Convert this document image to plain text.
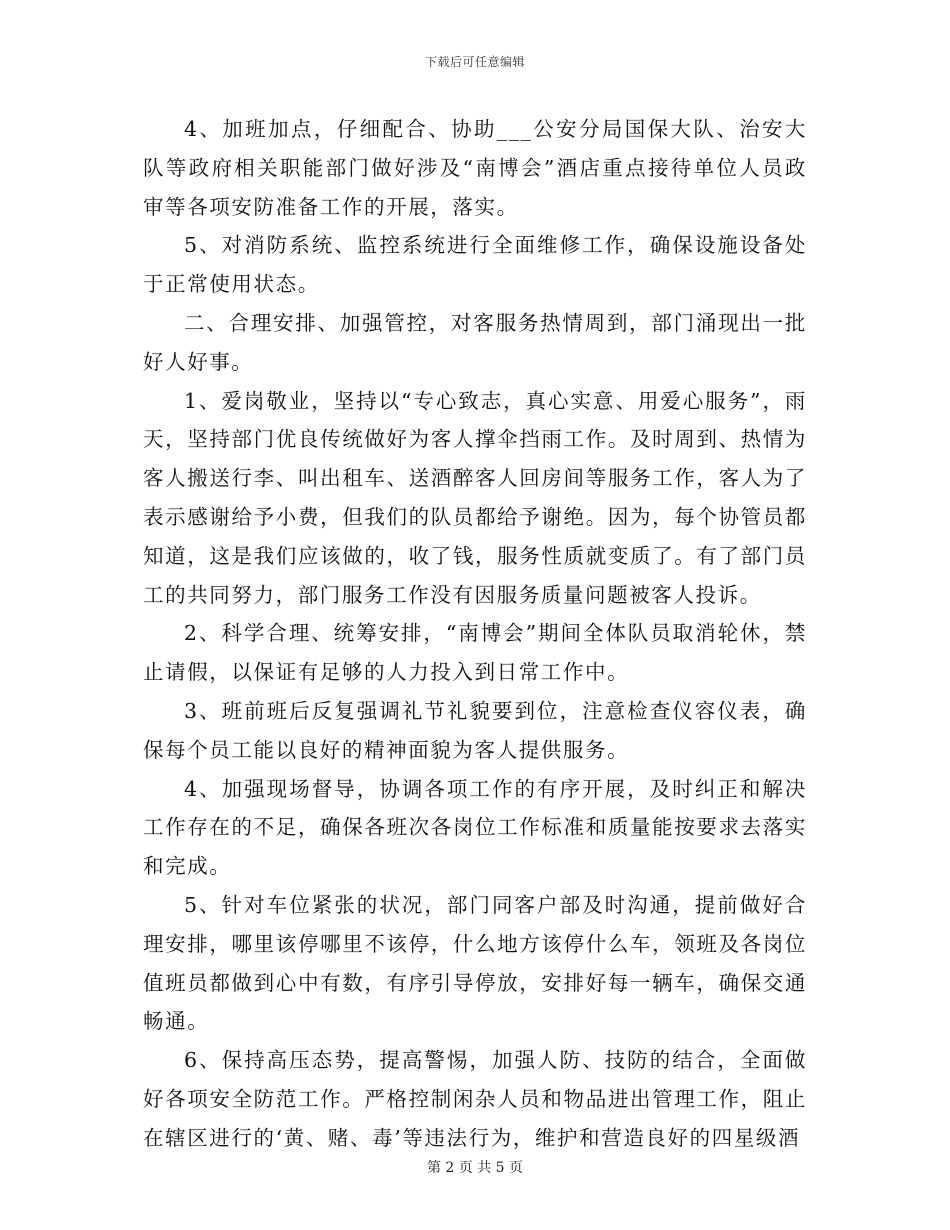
下载后可任意编辑

4、加班加点，仔细配合、协助___公安分局国保大队、治安大队等政府相关职能部门做好涉及“南博会”酒店重点接待单位人员政审等各项安防准备工作的开展，落实。

5、对消防系统、监控系统进行全面维修工作，确保设施设备处于正常使用状态。

二、合理安排、加强管控，对客服务热情周到，部门涌现出一批好人好事。

1、爱岗敬业，坚持以“专心致志，真心实意、用爱心服务”，雨天，坚持部门优良传统做好为客人撑伞挡雨工作。及时周到、热情为客人搬送行李、叫出租车、送酒醉客人回房间等服务工作，客人为了表示感谢给予小费，但我们的队员都给予谢绝。因为，每个协管员都知道，这是我们应该做的，收了钱，服务性质就变质了。有了部门员工的共同努力，部门服务工作没有因服务质量问题被客人投诉。

2、科学合理、统筹安排，“南博会”期间全体队员取消轮休，禁止请假，以保证有足够的人力投入到日常工作中。

3、班前班后反复强调礼节礼貌要到位，注意检查仪容仪表，确保每个员工能以良好的精神面貌为客人提供服务。

4、加强现场督导，协调各项工作的有序开展，及时纠正和解决工作存在的不足，确保各班次各岗位工作标准和质量能按要求去落实和完成。

5、针对车位紧张的状况，部门同客户部及时沟通，提前做好合理安排，哪里该停哪里不该停，什么地方该停什么车，领班及各岗位值班员都做到心中有数，有序引导停放，安排好每一辆车，确保交通畅通。

6、保持高压态势，提高警惕，加强人防、技防的结合，全面做好各项安全防范工作。严格控制闲杂人员和物品进出管理工作，阻止在辖区进行的‘黄、赌、毒’等违法行为，维护和营造良好的四星级酒

第 2 页 共 5 页
